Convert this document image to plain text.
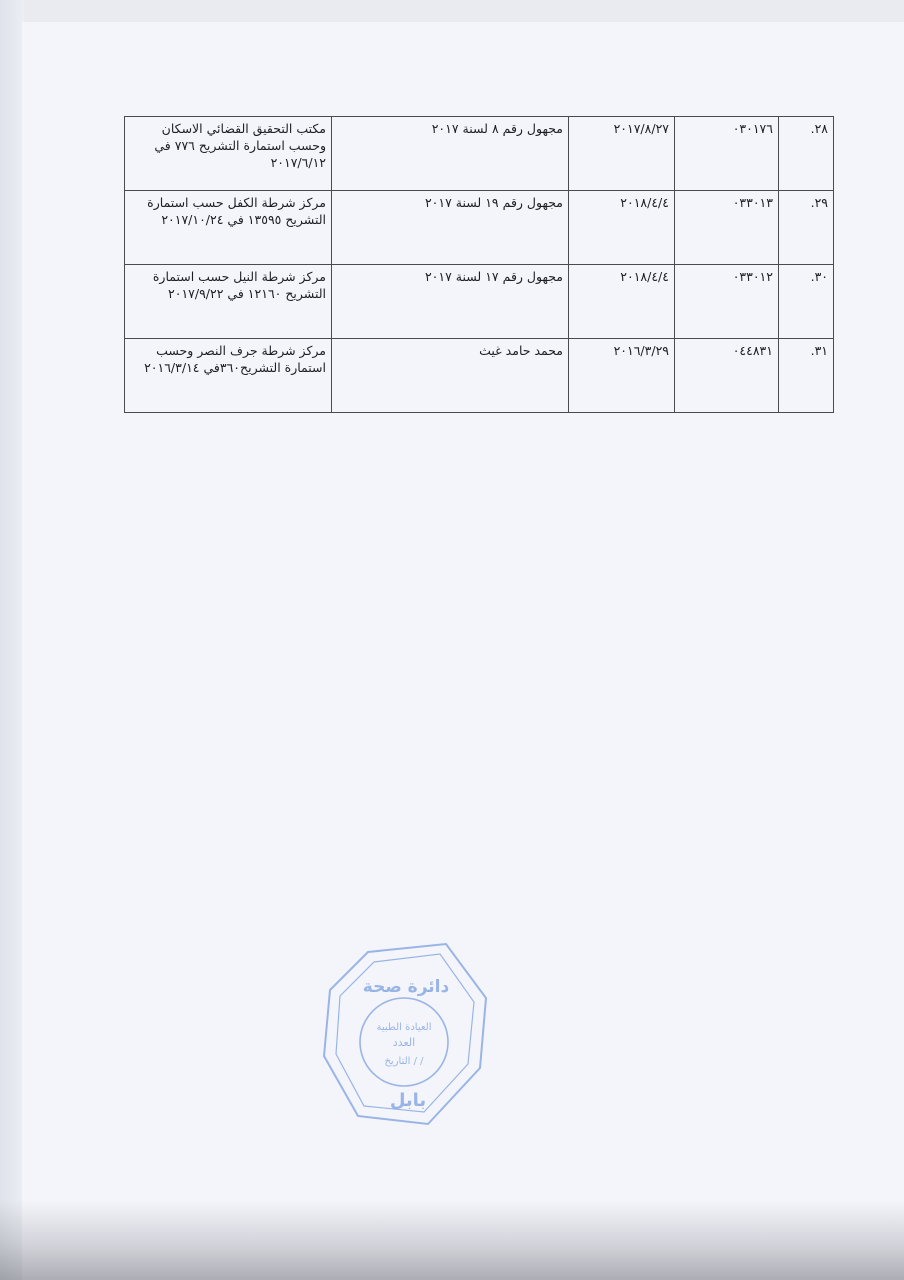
٢٨.	٠٣٠١٧٦	٢٠١٧/٨/٢٧	مجهول رقم ٨ لسنة ٢٠١٧	مكتب التحقيق القضائي الاسكان وحسب استمارة التشريح ٧٧٦ في ٢٠١٧/٦/١٢
٢٩.	٠٣٣٠١٣	٢٠١٨/٤/٤	مجهول رقم ١٩ لسنة ٢٠١٧	مركز شرطة الكفل حسب استمارة التشريح ١٣٥٩٥ في ٢٠١٧/١٠/٢٤
٣٠.	٠٣٣٠١٢	٢٠١٨/٤/٤	مجهول رقم ١٧ لسنة ٢٠١٧	مركز شرطة النيل حسب استمارة التشريح ١٢١٦٠ في ٢٠١٧/٩/٢٢
٣١.	٠٤٤٨٣١	٢٠١٦/٣/٢٩	محمد حامد غيث	مركز شرطة جرف النصر وحسب استمارة التشريح٣٦٠في ٢٠١٦/٣/١٤
دائرة صحة
العيادة الطبية
العدد
التاريخ / /
بابل
